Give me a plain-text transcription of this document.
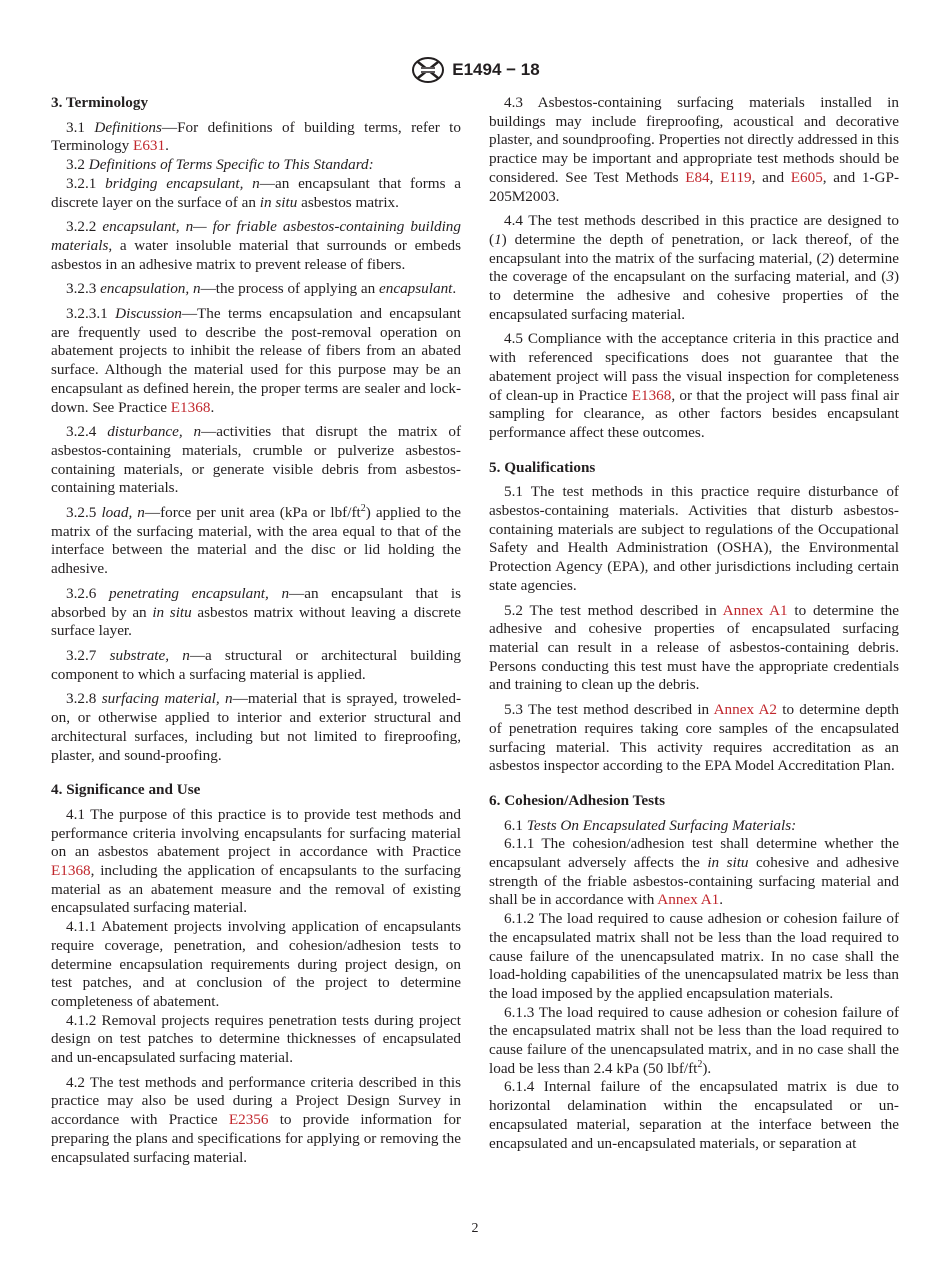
E1494 − 18
3. Terminology

3.1 Definitions—For definitions of building terms, refer to Terminology E631.

3.2 Definitions of Terms Specific to This Standard:

3.2.1 bridging encapsulant, n—an encapsulant that forms a discrete layer on the surface of an in situ asbestos matrix.

3.2.2 encapsulant, n— for friable asbestos-containing building materials, a water insoluble material that surrounds or embeds asbestos in an adhesive matrix to prevent release of fibers.

3.2.3 encapsulation, n—the process of applying an encapsulant.

3.2.3.1 Discussion—The terms encapsulation and encapsulant are frequently used to describe the post-removal operation on abatement projects to inhibit the release of fibers from an abated surface. Although the material used for this purpose may be an encapsulant as defined herein, the proper terms are sealer and lock-down. See Practice E1368.

3.2.4 disturbance, n—activities that disrupt the matrix of asbestos-containing materials, crumble or pulverize asbestos-containing materials, or generate visible debris from asbestos-containing materials.

3.2.5 load, n—force per unit area (kPa or lbf/$ft^2$) applied to the matrix of the surfacing material, with the area equal to that of the interface between the material and the disc or lid holding the adhesive.

3.2.6 penetrating encapsulant, n—an encapsulant that is absorbed by an in situ asbestos matrix without leaving a discrete surface layer.

3.2.7 substrate, n—a structural or architectural building component to which a surfacing material is applied.

3.2.8 surfacing material, n—material that is sprayed, troweled-on, or otherwise applied to interior and exterior structural and architectural surfaces, including but not limited to fireproofing, plaster, and sound-proofing.

4. Significance and Use

4.1 The purpose of this practice is to provide test methods and performance criteria involving encapsulants for surfacing material on an asbestos abatement project in accordance with Practice E1368, including the application of encapsulants to the surfacing material as an abatement measure and the removal of existing encapsulated surfacing material.

4.1.1 Abatement projects involving application of encapsulants require coverage, penetration, and cohesion/adhesion tests to determine encapsulation requirements during project design, on test patches, and at conclusion of the project to determine completeness of abatement.

4.1.2 Removal projects requires penetration tests during project design on test patches to determine thicknesses of encapsulated and un-encapsulated surfacing material.

4.2 The test methods and performance criteria described in this practice may also be used during a Project Design Survey in accordance with Practice E2356 to provide information for preparing the plans and specifications for applying or removing the encapsulated surfacing material.

4.3 Asbestos-containing surfacing materials installed in buildings may include fireproofing, acoustical and decorative plaster, and soundproofing. Properties not directly addressed in this practice may be important and appropriate test methods should be considered. See Test Methods E84, E119, and E605, and 1-GP-205M2003.

4.4 The test methods described in this practice are designed to (1) determine the depth of penetration, or lack thereof, of the encapsulant into the matrix of the surfacing material, (2) determine the coverage of the encapsulant on the surfacing material, and (3) to determine the adhesive and cohesive properties of the encapsulated surfacing material.

4.5 Compliance with the acceptance criteria in this practice and with referenced specifications does not guarantee that the abatement project will pass the visual inspection for completeness of clean-up in Practice E1368, or that the project will pass final air sampling for clearance, as other factors besides encapsulant performance affect these outcomes.

5. Qualifications

5.1 The test methods in this practice require disturbance of asbestos-containing materials. Activities that disturb asbestos-containing materials are subject to regulations of the Occupational Safety and Health Administration (OSHA), the Environmental Protection Agency (EPA), and other jurisdictions including certain state agencies.

5.2 The test method described in Annex A1 to determine the adhesive and cohesive properties of encapsulated surfacing material can result in a release of asbestos-containing debris. Persons conducting this test must have the appropriate credentials and training to clean up the debris.

5.3 The test method described in Annex A2 to determine depth of penetration requires taking core samples of the encapsulated surfacing material. This activity requires accreditation as an asbestos inspector according to the EPA Model Accreditation Plan.

6. Cohesion/Adhesion Tests

6.1 Tests On Encapsulated Surfacing Materials:

6.1.1 The cohesion/adhesion test shall determine whether the encapsulant adversely affects the in situ cohesive and adhesive strength of the friable asbestos-containing surfacing material and shall be in accordance with Annex A1.

6.1.2 The load required to cause adhesion or cohesion failure of the encapsulated matrix shall not be less than the load required to cause failure of the unencapsulated matrix. In no case shall the load-holding capabilities of the unencapsulated matrix be less than the load imposed by the applied encapsulation materials.

6.1.3 The load required to cause adhesion or cohesion failure of the encapsulated matrix shall not be less than the load required to cause failure of the unencapsulated matrix, and in no case shall the load be less than 2.4 kPa (50 lbf/$ft^2$).

6.1.4 Internal failure of the encapsulated matrix is due to horizontal delamination within the encapsulated or un-encapsulated material, separation at the interface between the encapsulated and un-encapsulated materials, or separation at

2
